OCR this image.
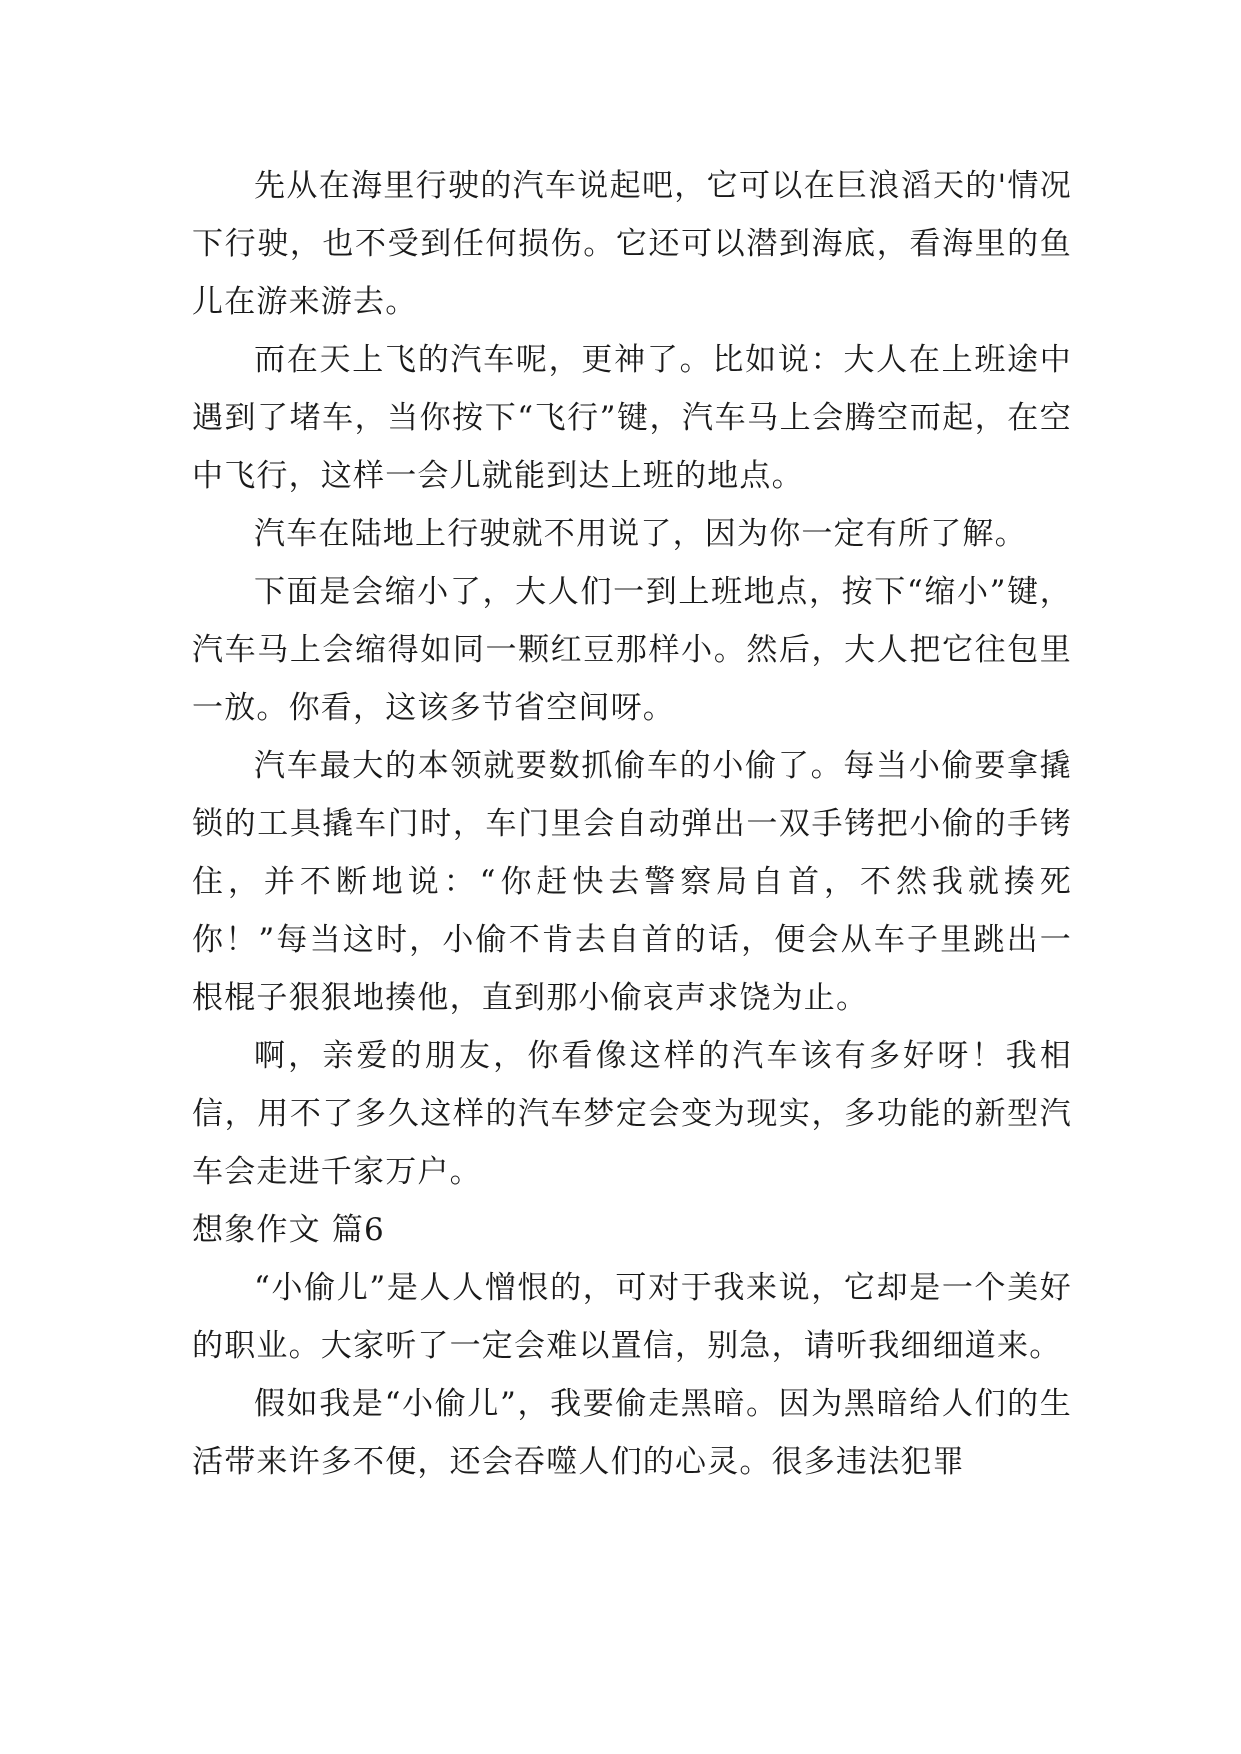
先从在海里行驶的汽车说起吧，它可以在巨浪滔天的'情况下行驶，也不受到任何损伤。它还可以潜到海底，看海里的鱼儿在游来游去。

而在天上飞的汽车呢，更神了。比如说：大人在上班途中遇到了堵车，当你按下“飞行”键，汽车马上会腾空而起，在空中飞行，这样一会儿就能到达上班的地点。

汽车在陆地上行驶就不用说了，因为你一定有所了解。

下面是会缩小了，大人们一到上班地点，按下“缩小”键，汽车马上会缩得如同一颗红豆那样小。然后，大人把它往包里一放。你看，这该多节省空间呀。

汽车最大的本领就要数抓偷车的小偷了。每当小偷要拿撬锁的工具撬车门时，车门里会自动弹出一双手铐把小偷的手铐住，并不断地说：“你赶快去警察局自首，不然我就揍死你！”每当这时，小偷不肯去自首的话，便会从车子里跳出一根棍子狠狠地揍他，直到那小偷哀声求饶为止。

啊，亲爱的朋友，你看像这样的汽车该有多好呀！我相信，用不了多久这样的汽车梦定会变为现实，多功能的新型汽车会走进千家万户。

想象作文 篇6

“小偷儿”是人人憎恨的，可对于我来说，它却是一个美好的职业。大家听了一定会难以置信，别急，请听我细细道来。

假如我是“小偷儿”，我要偷走黑暗。因为黑暗给人们的生活带来许多不便，还会吞噬人们的心灵。很多违法犯罪
